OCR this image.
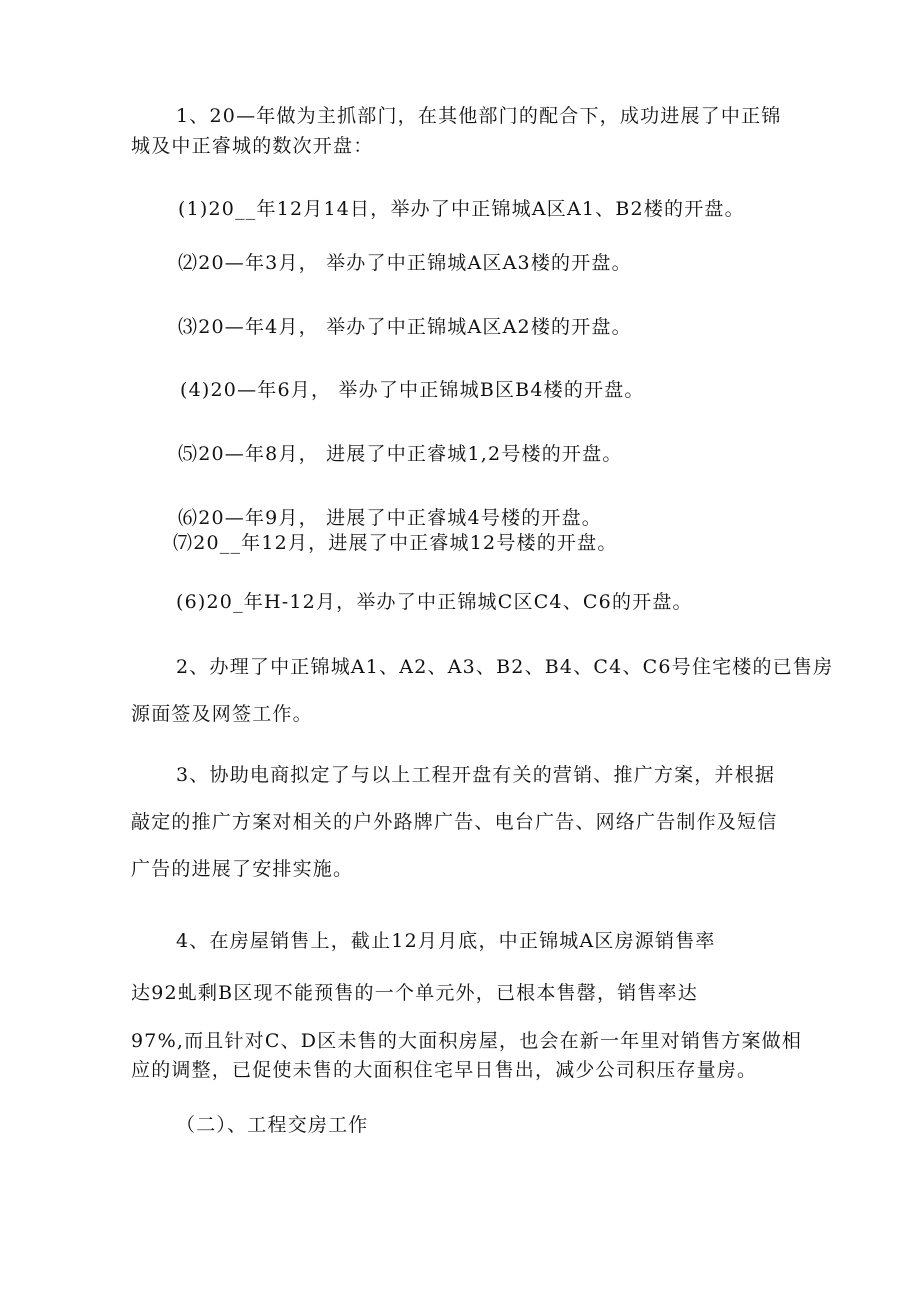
1、20—年做为主抓部门，在其他部门的配合下，成功进展了中正锦
城及中正睿城的数次开盘：
(1)20__年12月14日，举办了中正锦城A区A1、B2楼的开盘。
⑵20—年3月， 举办了中正锦城A区A3楼的开盘。
⑶20—年4月， 举办了中正锦城A区A2楼的开盘。
(4)20—年6月， 举办了中正锦城B区B4楼的开盘。
⑸20—年8月， 进展了中正睿城1,2号楼的开盘。
⑹20—年9月， 进展了中正睿城4号楼的开盘。
⑺20__年12月，进展了中正睿城12号楼的开盘。
(6)20_年H-12月，举办了中正锦城C区C4、C6的开盘。
2、办理了中正锦城A1、A2、A3、B2、B4、C4、C6号住宅楼的已售房
源面签及网签工作。
3、协助电商拟定了与以上工程开盘有关的营销、推广方案，并根据
敲定的推广方案对相关的户外路牌广告、电台广告、网络广告制作及短信
广告的进展了安排实施。
4、在房屋销售上，截止12月月底，中正锦城A区房源销售率
达92虬剩B区现不能预售的一个单元外，已根本售罄，销售率达
97%,而且针对C、D区未售的大面积房屋，也会在新一年里对销售方案做相
应的调整，已促使未售的大面积住宅早日售出，减少公司积压存量房。
（二）、工程交房工作
